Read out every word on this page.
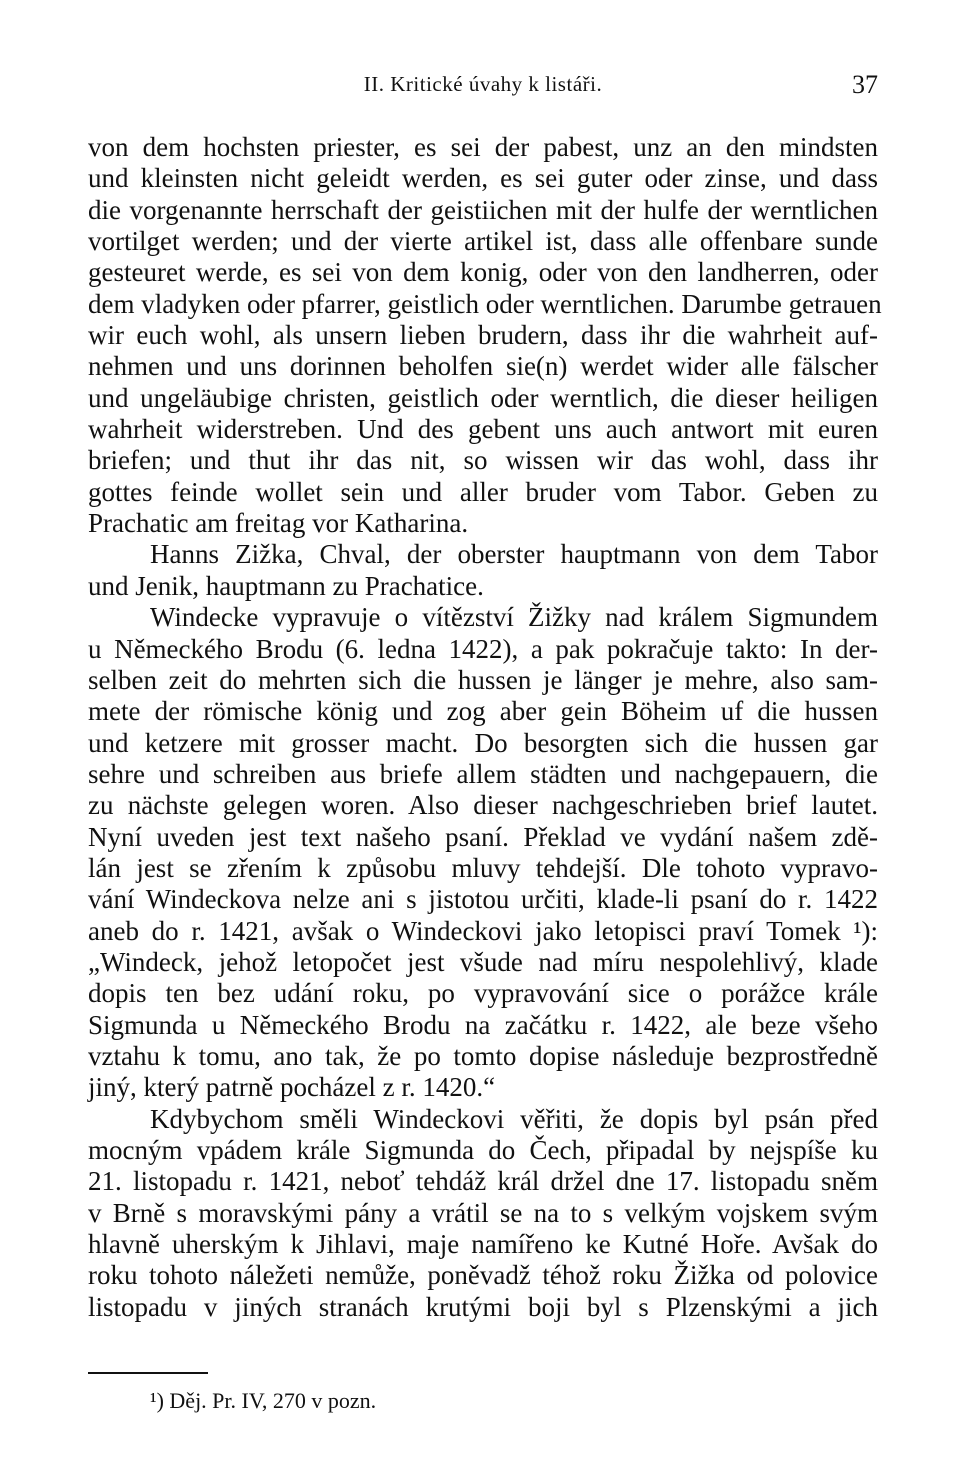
II. Kritické úvahy k listáři.	37
von dem hochsten priester, es sei der pabest, unz an den mindsten
und kleinsten nicht geleidt werden, es sei guter oder zinse, und dass
die vorgenannte herrschaft der geistiichen mit der hulfe der werntlichen
vortilget werden; und der vierte artikel ist, dass alle offenbare sunde
gesteuret werde, es sei von dem konig, oder von den landherren, oder
dem vladyken oder pfarrer, geistlich oder werntlichen. Darumbe getrauen
wir euch wohl, als unsern lieben brudern, dass ihr die wahrheit auf-
nehmen und uns dorinnen beholfen sie(n) werdet wider alle fälscher
und ungeläubige christen, geistlich oder werntlich, die dieser heiligen
wahrheit widerstreben. Und des gebent uns auch antwort mit euren
briefen; und thut ihr das nit, so wissen wir das wohl, dass ihr
gottes feinde wollet sein und aller bruder vom Tabor. Geben zu
Prachatic am freitag vor Katharina.
Hanns Zižka, Chval, der oberster hauptmann von dem Tabor
und Jenik, hauptmann zu Prachatice.
Windecke vypravuje o vítězství Žižky nad králem Sigmundem
u Německého Brodu (6. ledna 1422), a pak pokračuje takto: In der-
selben zeit do mehrten sich die hussen je länger je mehre, also sam-
mete der römische könig und zog aber gein Böheim uf die hussen
und ketzere mit grosser macht. Do besorgten sich die hussen gar
sehre und schreiben aus briefe allem städten und nachgepauern, die
zu nächste gelegen woren. Also dieser nachgeschrieben brief lautet.
Nyní uveden jest text našeho psaní. Překlad ve vydání našem zdě-
lán jest se zřením k způsobu mluvy tehdejší. Dle tohoto vypravo-
vání Windeckova nelze ani s jistotou určiti, klade-li psaní do r. 1422
aneb do r. 1421, avšak o Windeckovi jako letopisci praví Tomek ¹):
„Windeck, jehož letopočet jest všude nad míru nespolehlivý, klade
dopis ten bez udání roku, po vypravování sice o porážce krále
Sigmunda u Německého Brodu na začátku r. 1422, ale beze všeho
vztahu k tomu, ano tak, že po tomto dopise následuje bezprostředně
jiný, který patrně pocházel z r. 1420.“
Kdybychom směli Windeckovi věřiti, že dopis byl psán před
mocným vpádem krále Sigmunda do Čech, připadal by nejspíše ku
21. listopadu r. 1421, neboť tehdáž král držel dne 17. listopadu sněm
v Brně s moravskými pány a vrátil se na to s velkým vojskem svým
hlavně uherským k Jihlavi, maje namířeno ke Kutné Hoře. Avšak do
roku tohoto náležeti nemůže, poněvadž téhož roku Žižka od polovice
listopadu v jiných stranách krutými boji byl s Plzenskými a jich
¹) Děj. Pr. IV, 270 v pozn.
